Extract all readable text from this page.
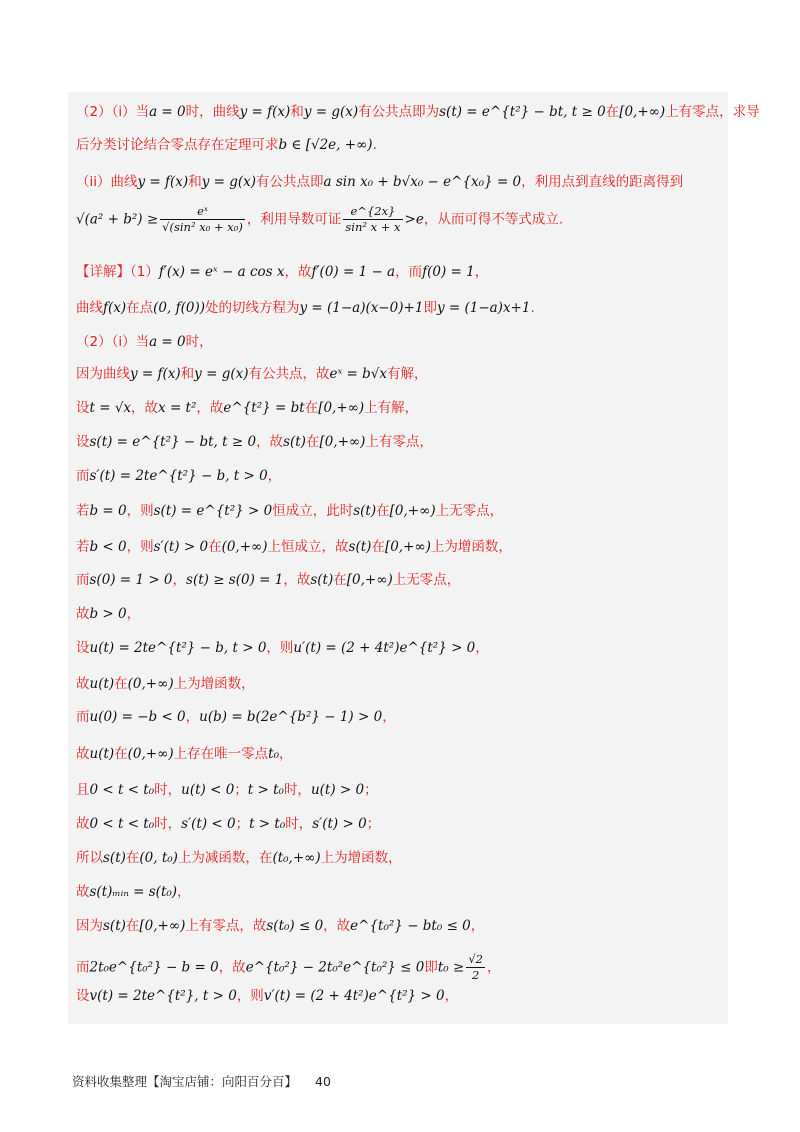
（2）（i）当a = 0时，曲线y = f(x)和y = g(x)有公共点即为s(t) = e^{t²} − bt, t ≥ 0在[0,+∞)上有零点，求导
后分类讨论结合零点存在定理可求b ∈ [√2e, +∞).
（ii）曲线y = f(x)和y = g(x)有公共点即a sin x₀ + b√x₀ − e^{x₀} = 0，利用点到直线的距离得到
$√(a^2 + b^2) \ge \frac{\text{eˣ}}{\text{√(sin² x₀ + x₀)}}$ ，利用导数可证 $\frac{e\^{}\{2x\}}{\text{sin² x + x}} >e$，从而可得不等式成立.
【详解】（1）f′(x) = eˣ − a cos x，故f′(0) = 1 − a，而f(0) = 1，
曲线f(x)在点(0, f(0))处的切线方程为y = (1−a)(x−0)+1即y = (1−a)x+1.
（2）（i）当a = 0时，
因为曲线y = f(x)和y = g(x)有公共点，故eˣ = b√x有解，
设t = √x，故x = t²，故e^{t²} = bt在[0,+∞)上有解，
设s(t) = e^{t²} − bt, t ≥ 0，故s(t)在[0,+∞)上有零点，
而s′(t) = 2te^{t²} − b, t > 0，
若b = 0，则s(t) = e^{t²} > 0恒成立，此时s(t)在[0,+∞)上无零点，
若b < 0，则s′(t) > 0在(0,+∞)上恒成立，故s(t)在[0,+∞)上为增函数，
而s(0) = 1 > 0，s(t) ≥ s(0) = 1，故s(t)在[0,+∞)上无零点，
故b > 0，
设u(t) = 2te^{t²} − b, t > 0，则u′(t) = (2 + 4t²)e^{t²} > 0，
故u(t)在(0,+∞)上为增函数，
而u(0) = −b < 0，u(b) = b(2e^{b²} − 1) > 0，
故u(t)在(0,+∞)上存在唯一零点t₀，
且0 < t < t₀时，u(t) < 0；t > t₀时，u(t) > 0；
故0 < t < t₀时，s′(t) < 0；t > t₀时，s′(t) > 0；
所以s(t)在(0, t₀)上为减函数，在(t₀,+∞)上为增函数，
故s(t)ₘᵢₙ = s(t₀)，
因为s(t)在[0,+∞)上有零点，故s(t₀) ≤ 0，故e^{t₀²} − bt₀ ≤ 0，
而2t₀e^{t₀²} − b = 0，故e^{t₀²} − 2t₀²e^{t₀²} ≤ 0即$t_0 \ge \frac{√2}{2}$ ，
设v(t) = 2te^{t²}, t > 0，则v′(t) = (2 + 4t²)e^{t²} > 0，
资料收集整理【淘宝店铺：向阳百分百】 40
